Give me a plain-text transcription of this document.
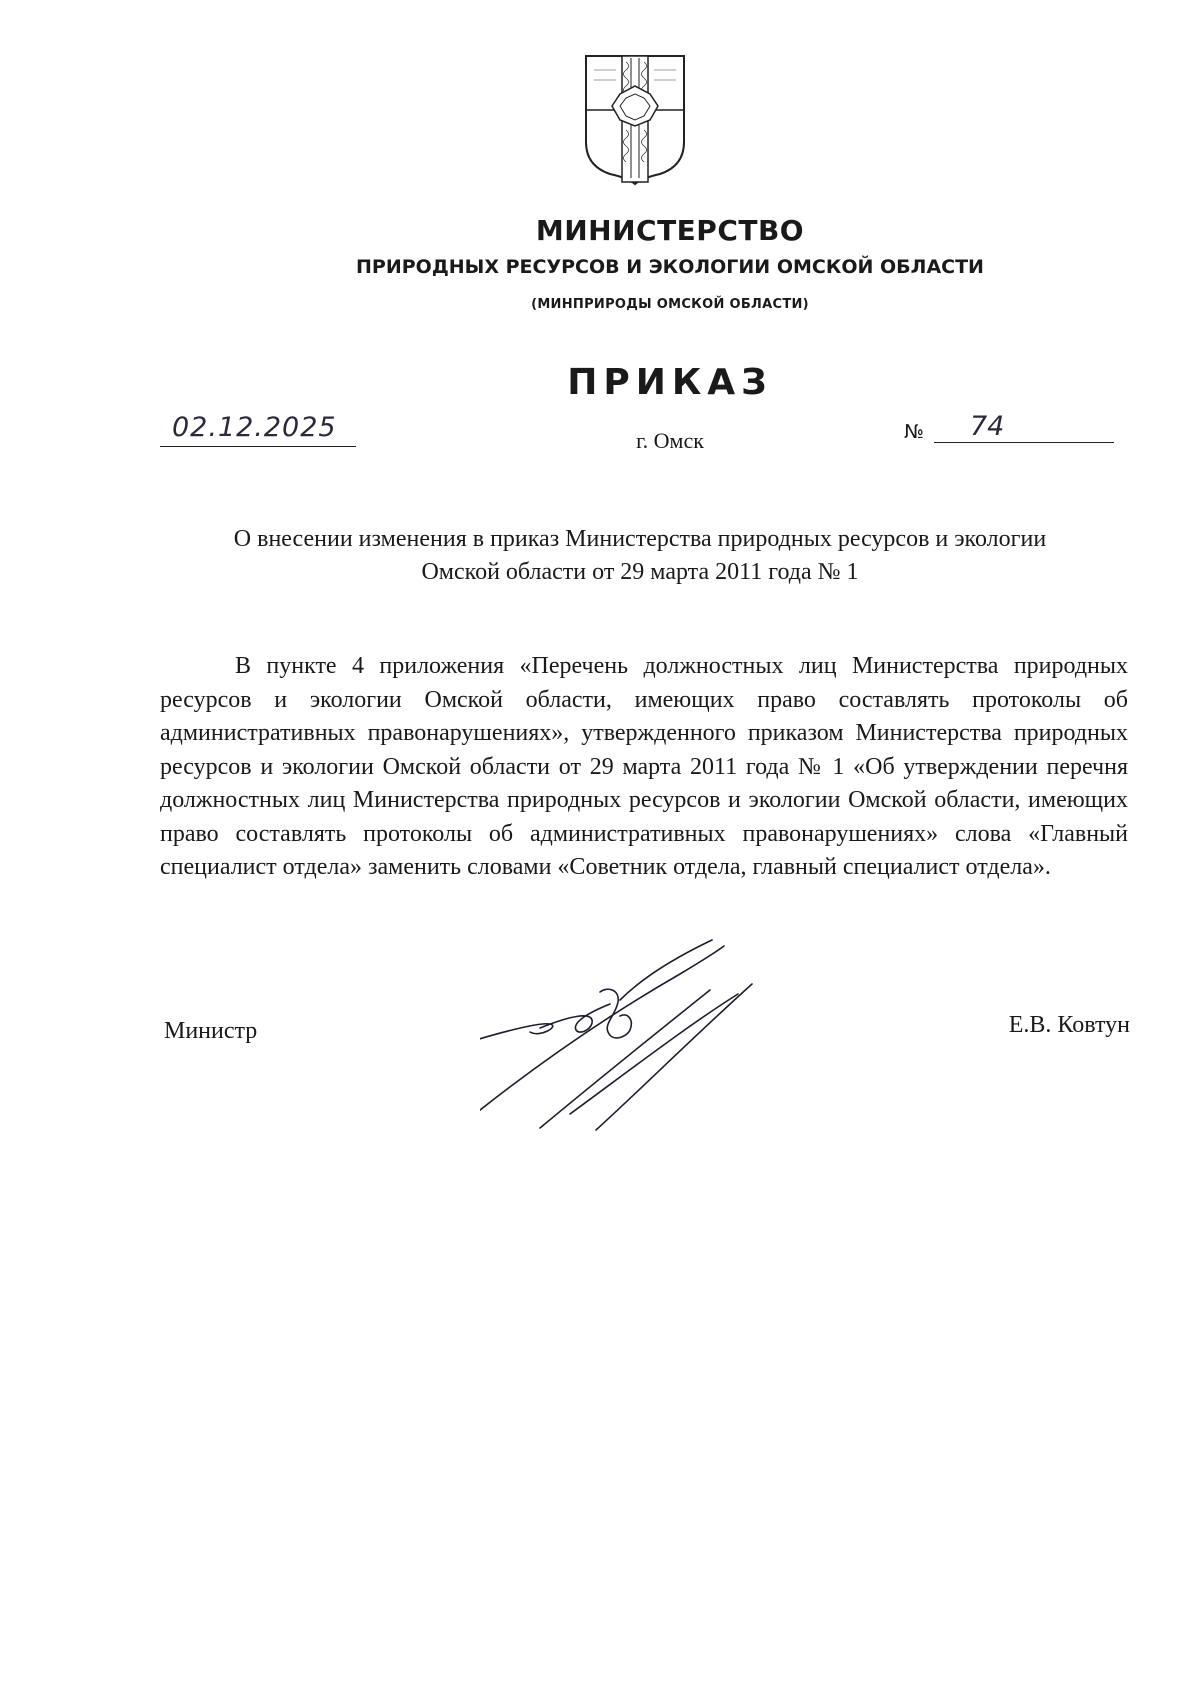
МИНИСТЕРСТВО
ПРИРОДНЫХ РЕСУРСОВ И ЭКОЛОГИИ ОМСКОЙ ОБЛАСТИ
(МИНПРИРОДЫ ОМСКОЙ ОБЛАСТИ)
ПРИКАЗ
02.12.2025	г. Омск	№ 74
О внесении изменения в приказ Министерства природных ресурсов и экологии
Омской области от 29 марта 2011 года № 1
В пункте 4 приложения «Перечень должностных лиц Министерства природных ресурсов и экологии Омской области, имеющих право составлять протоколы об административных правонарушениях», утвержденного приказом Министерства природных ресурсов и экологии Омской области от 29 марта 2011 года № 1 «Об утверждении перечня должностных лиц Министерства природных ресурсов и экологии Омской области, имеющих право составлять протоколы об административных правонарушениях» слова «Главный специалист отдела» заменить словами «Советник отдела, главный специалист отдела».
Министр	Е.В. Ковтун
